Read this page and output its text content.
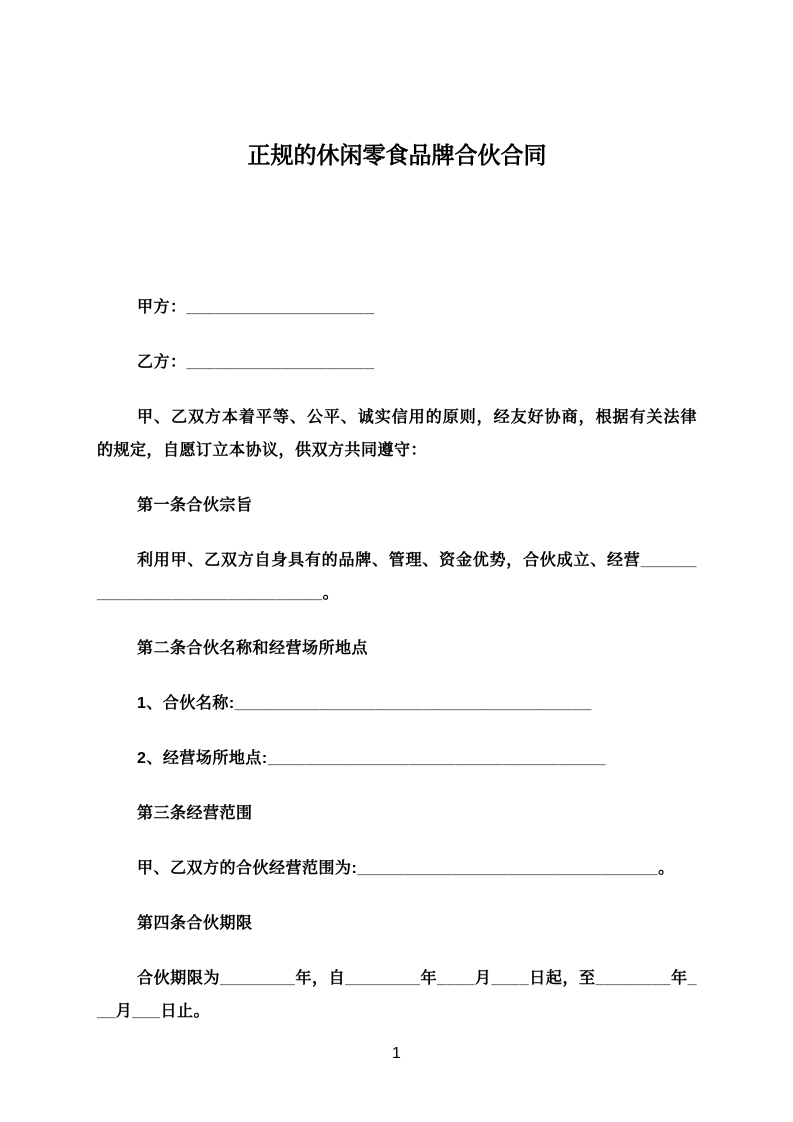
正规的休闲零食品牌合伙合同

甲方：____________________

乙方：____________________

甲、乙双方本着平等、公平、诚实信用的原则，经友好协商，根据有关法律的规定，自愿订立本协议，供双方共同遵守：

第一条合伙宗旨

利用甲、乙双方自身具有的品牌、管理、资金优势，合伙成立、经营______________________________。

第二条合伙名称和经营场所地点

1、合伙名称:______________________________________

2、经营场所地点:____________________________________

第三条经营范围

甲、乙双方的合伙经营范围为:________________________________。

第四条合伙期限

合伙期限为________年，自________年____月____日起，至________年___月___日止。

1
